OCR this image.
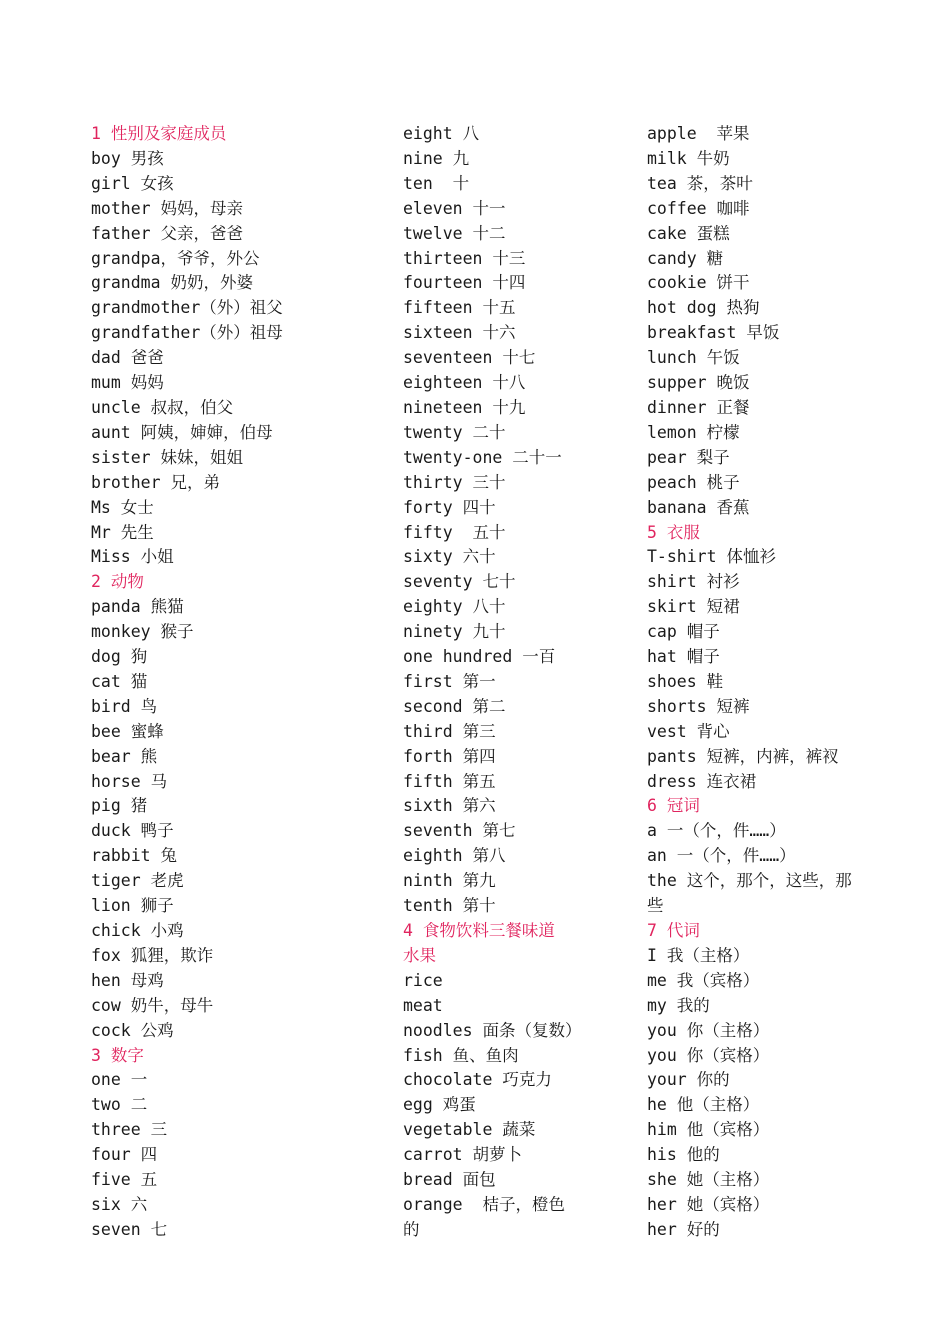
1 性别及家庭成员
boy 男孩
girl 女孩
mother 妈妈，母亲
father 父亲，爸爸
grandpa，爷爷，外公
grandma 奶奶，外婆
grandmother（外）祖父
grandfather（外）祖母
dad 爸爸
mum 妈妈
uncle 叔叔，伯父
aunt 阿姨，婶婶，伯母
sister 妹妹，姐姐
brother 兄，弟
Ms 女士
Mr 先生
Miss 小姐
2 动物
panda 熊猫
monkey 猴子
dog 狗
cat 猫
bird 鸟
bee 蜜蜂
bear 熊
horse 马
pig 猪
duck 鸭子
rabbit 兔
tiger 老虎
lion 狮子
chick 小鸡
fox 狐狸，欺诈
hen 母鸡
cow 奶牛，母牛
cock 公鸡
3 数字
one 一
two 二
three 三
four 四
five 五
six 六
seven 七
eight 八
nine 九
ten  十
eleven 十一
twelve 十二
thirteen 十三
fourteen 十四
fifteen 十五
sixteen 十六
seventeen 十七
eighteen 十八
nineteen 十九
twenty 二十
twenty-one 二十一
thirty 三十
forty 四十
fifty  五十
sixty 六十
seventy 七十
eighty 八十
ninety 九十
one hundred 一百
first 第一
second 第二
third 第三
forth 第四
fifth 第五
sixth 第六
seventh 第七
eighth 第八
ninth 第九
tenth 第十
4 食物饮料三餐味道
水果
rice
meat
noodles 面条（复数）
fish 鱼、鱼肉
chocolate 巧克力
egg 鸡蛋
vegetable 蔬菜
carrot 胡萝卜
bread 面包
orange  桔子，橙色
的
apple  苹果
milk 牛奶
tea 茶，茶叶
coffee 咖啡
cake 蛋糕
candy 糖
cookie 饼干
hot dog 热狗
breakfast 早饭
lunch 午饭
supper 晚饭
dinner 正餐
lemon 柠檬
pear 梨子
peach 桃子
banana 香蕉
5 衣服
T-shirt 体恤衫
shirt 衬衫
skirt 短裙
cap 帽子
hat 帽子
shoes 鞋
shorts 短裤
vest 背心
pants 短裤，内裤，裤衩
dress 连衣裙
6 冠词
a 一（个，件……）
an 一（个，件……）
the 这个，那个，这些，那
些
7 代词
I 我（主格）
me 我（宾格）
my 我的
you 你（主格）
you 你（宾格）
your 你的
he 他（主格）
him 他（宾格）
his 他的
she 她（主格）
her 她（宾格）
her 好的
